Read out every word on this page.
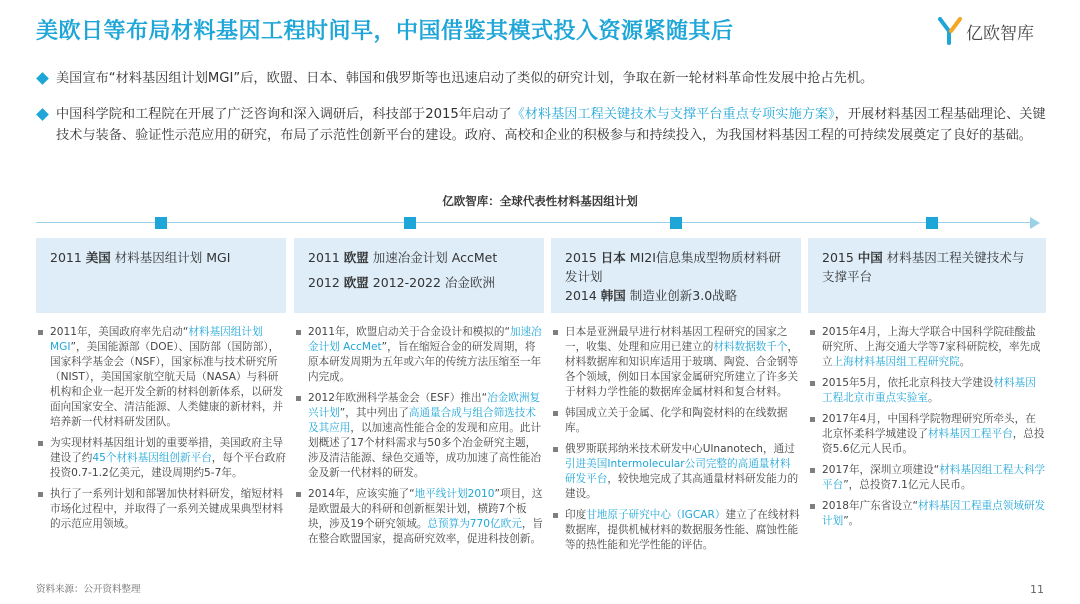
美欧日等布局材料基因工程时间早，中国借鉴其模式投入资源紧随其后	亿欧智库
美国宣布“材料基因组计划MGI”后，欧盟、日本、韩国和俄罗斯等也迅速启动了类似的研究计划，争取在新一轮材料革命性发展中抢占先机。
中国科学院和工程院在开展了广泛咨询和深入调研后，科技部于2015年启动了《材料基因工程关键技术与支撑平台重点专项实施方案》，开展材料基因工程基础理论、关键技术与装备、验证性示范应用的研究，布局了示范性创新平台的建设。政府、高校和企业的积极参与和持续投入，为我国材料基因工程的可持续发展奠定了良好的基础。
亿欧智库：全球代表性材料基因组计划
2011 美国 材料基因组计划 MGI	2011 欧盟 加速冶金计划 AccMet
2012 欧盟 2012-2022 冶金欧洲
2015 日本 MI2I信息集成型物质材料研发计划
2014 韩国 制造业创新3.0战略
2015 中国 材料基因工程关键技术与支撑平台
2011年，美国政府率先启动“材料基因组计划 MGI”，美国能源部（DOE）、国防部（国防部），国家科学基金会（NSF），国家标准与技术研究所（NIST），美国国家航空航天局（NASA）与科研机构和企业一起开发全新的材料创新体系，以研发面向国家安全、清洁能源、人类健康的新材料，并培养新一代材料研发团队。
为实现材料基因组计划的重要举措，美国政府主导建设了约45个材料基因组创新平台，每个平台政府投资0.7-1.2亿美元，建设周期约5-7年。
执行了一系列计划和部署加快材料研发，缩短材料市场化过程中，并取得了一系列关键成果典型材料的示范应用领域。
2011年，欧盟启动关于合金设计和模拟的“加速冶金计划 AccMet”，旨在缩短合金的研发周期，将原本研发周期为五年或六年的传统方法压缩至一年内完成。
2012年欧洲科学基金会（ESF）推出“冶金欧洲复兴计划”，其中列出了高通量合成与组合筛选技术及其应用，以加速高性能合金的发现和应用。此计划概述了17个材料需求与50多个冶金研究主题，涉及清洁能源、绿色交通等，成功加速了高性能冶金及新一代材料的研发。
2014年，应该实施了“地平线计划2010”项目，这是欧盟最大的科研和创新框架计划，横跨7个板块，涉及19个研究领域。总预算为770亿欧元，旨在整合欧盟国家，提高研究效率，促进科技创新。
日本是亚洲最早进行材料基因工程研究的国家之一，收集、处理和应用已建立的材料数据数千个，材料数据库和知识库适用于玻璃、陶瓷、合金钢等各个领域，例如日本国家金属研究所建立了许多关于材料力学性能的数据库金属材料和复合材料。
韩国成立关于金属、化学和陶瓷材料的在线数据库。
俄罗斯联邦纳米技术研发中心Ulnanotech，通过引进美国Intermolecular公司完整的高通量材料研发平台，较快地完成了其高通量材料研发能力的建设。
印度甘地原子研究中心（IGCAR）建立了在线材料数据库，提供机械材料的数据服务性能、腐蚀性能等的热性能和光学性能的评估。
2015年4月，上海大学联合中国科学院硅酸盐研究所、上海交通大学等7家科研院校，率先成立上海材料基因组工程研究院。
2015年5月，依托北京科技大学建设材料基因工程北京市重点实验室。
2017年4月，中国科学院物理研究所牵头，在北京怀柔科学城建设了材料基因工程平台，总投资5.6亿元人民币。
2017年，深圳立项建设“材料基因组工程大科学平台”，总投资7.1亿元人民币。
2018年广东省设立“材料基因工程重点领域研发计划”。
资料来源：公开资料整理	11
